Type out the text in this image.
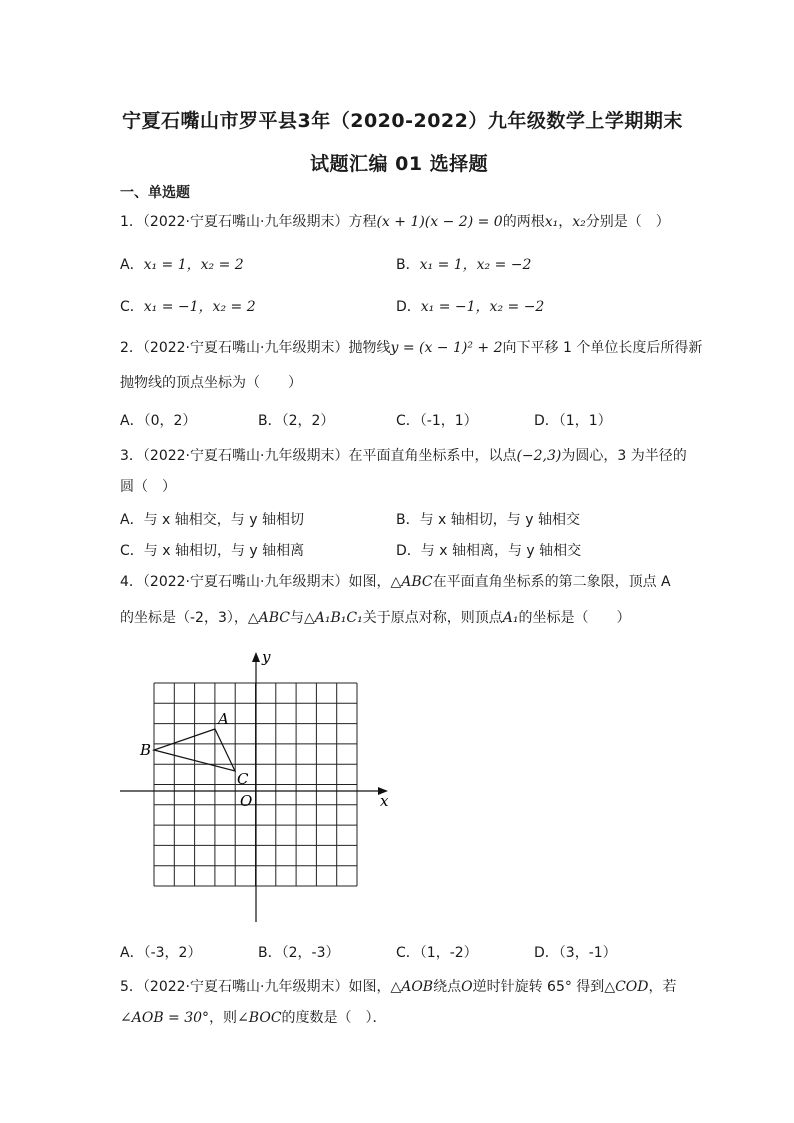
宁夏石嘴山市罗平县3年（2020-2022）九年级数学上学期期末
试题汇编 01 选择题
一、单选题
1．（2022·宁夏石嘴山·九年级期末）方程(x + 1)(x − 2) = 0的两根x₁，x₂分别是（　）
A．x₁ = 1，x₂ = 2	B．x₁ = 1，x₂ = −2
C．x₁ = −1，x₂ = 2	D．x₁ = −1，x₂ = −2
2．（2022·宁夏石嘴山·九年级期末）抛物线y = (x − 1)² + 2向下平移 1 个单位长度后所得新
抛物线的顶点坐标为（　　）
A．（0，2）	B．（2，2）	C．（-1，1）	D．（1，1）
3．（2022·宁夏石嘴山·九年级期末）在平面直角坐标系中，以点(−2,3)为圆心，3 为半径的
圆（　）
A．与 x 轴相交，与 y 轴相切	B．与 x 轴相切，与 y 轴相交
C．与 x 轴相切，与 y 轴相离	D．与 x 轴相离，与 y 轴相交
4．（2022·宁夏石嘴山·九年级期末）如图，△ABC在平面直角坐标系的第二象限，顶点 A
的坐标是（-2，3），△ABC与△A₁B₁C₁关于原点对称，则顶点A₁的坐标是（　　）
x
y
A
B
C
O
A．（-3，2）	B．（2，-3）	C．（1，-2）	D．（3，-1）
5．（2022·宁夏石嘴山·九年级期末）如图，△AOB绕点O逆时针旋转 65° 得到△COD，若
∠AOB = 30°，则∠BOC的度数是（　）．
